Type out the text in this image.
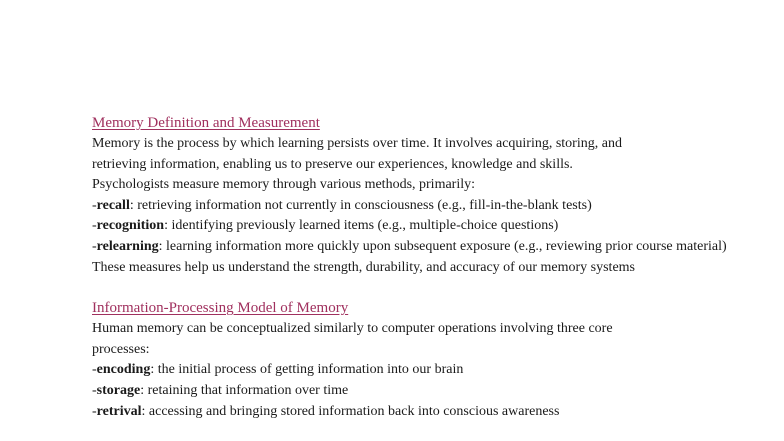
Memory Definition and Measurement

Memory is the process by which learning persists over time. It involves acquiring, storing, and

retrieving information, enabling us to preserve our experiences, knowledge and skills.

Psychologists measure memory through various methods, primarily:

-recall: retrieving information not currently in consciousness (e.g., fill-in-the-blank tests)

-recognition: identifying previously learned items (e.g., multiple-choice questions)

-relearning: learning information more quickly upon subsequent exposure (e.g., reviewing prior course material)

These measures help us understand the strength, durability, and accuracy of our memory systems

Information-Processing Model of Memory

Human memory can be conceptualized similarly to computer operations involving three core

processes:

-encoding: the initial process of getting information into our brain

-storage: retaining that information over time

-retrival: accessing and bringing stored information back into conscious awareness
